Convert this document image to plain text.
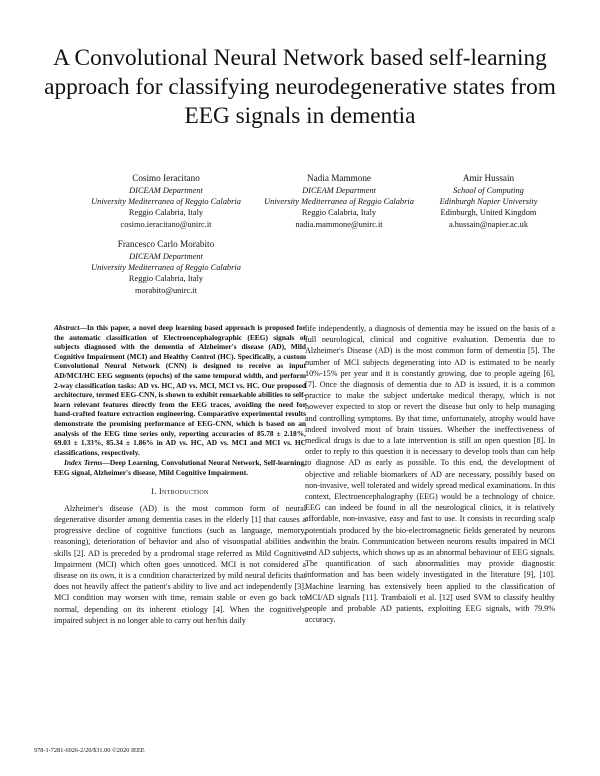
A Convolutional Neural Network based self-learning approach for classifying neurodegenerative states from EEG signals in dementia
Cosimo Ieracitano
DICEAM Department
University Mediterranea of Reggio Calabria
Reggio Calabria, Italy
cosimo.ieracitano@unirc.it
Nadia Mammone
DICEAM Department
University Mediterranea of Reggio Calabria
Reggio Calabria, Italy
nadia.mammone@unirc.it
Amir Hussain
School of Computing
Edinburgh Napier University
Edinburgh, United Kingdom
a.hussain@napier.ac.uk
Francesco Carlo Morabito
DICEAM Department
University Mediterranea of Reggio Calabria
Reggio Calabria, Italy
morabito@unirc.it

Abstract—In this paper, a novel deep learning based approach is proposed for the automatic classification of Electroencephalographic (EEG) signals of subjects diagnosed with the dementia of Alzheimer's disease (AD), Mild Cognitive Impairment (MCI) and Healthy Control (HC). Specifically, a custom Convolutional Neural Network (CNN) is designed to receive as input AD/MCI/HC EEG segments (epochs) of the same temporal width, and perform 2-way classification tasks: AD vs. HC, AD vs. MCI, MCI vs. HC. Our proposed architecture, termed EEG-CNN, is shown to exhibit remarkable abilities to self-learn relevant features directly from the EEG traces, avoiding the need for hand-crafted feature extraction engineering. Comparative experimental results demonstrate the promising performance of EEG-CNN, which is based on an analysis of the EEG time series only, reporting accuracies of 85.78 ± 2.18%, 69.03 ± 1.33%, 85.34 ± 1.86% in AD vs. HC, AD vs. MCI and MCI vs. HC classifications, respectively.

Index Terms—Deep Learning, Convolutional Neural Network, Self-learning, EEG signal, Alzheimer's disease, Mild Cognitive Impairment.

I. Introduction

Alzheimer's disease (AD) is the most common form of neural degenerative disorder among dementia cases in the elderly [1] that causes a progressive decline of cognitive functions (such as language, memory, reasoning), deterioration of behavior and also of visuospatial abilities and skills [2]. AD is preceded by a prodromal stage referred as Mild Cognitive Impairment (MCI) which often goes unnoticed. MCI is not considered a disease on its own, it is a condition characterized by mild neural deficits that does not heavily affect the patient's ability to live and act independently [3]. MCI condition may worsen with time, remain stable or even go back to normal, depending on its inherent etiology [4]. When the cognitively impaired subject is no longer able to carry out her/his daily

life independently, a diagnosis of dementia may be issued on the basis of a full neurological, clinical and cognitive evaluation. Dementia due to Alzheimer's Disease (AD) is the most common form of dementia [5]. The number of MCI subjects degenerating into AD is estimated to be nearly 10%-15% per year and it is constantly growing, due to people ageing [6], [7]. Once the diagnosis of dementia due to AD is issued, it is a common practice to make the subject undertake medical therapy, which is not however expected to stop or revert the disease but only to help managing and controlling symptoms. By that time, unfortunately, atrophy would have indeed involved most of brain tissues. Whether the ineffectiveness of medical drugs is due to a late intervention is still an open question [8]. In order to reply to this question it is necessary to develop tools than can help to diagnose AD as early as possible. To this end, the development of objective and reliable biomarkers of AD are necessary, possibly based on non-invasive, well tolerated and widely spread medical examinations. In this context, Electroencephalography (EEG) would be a technology of choice. EEG can indeed be found in all the neurological clinics, it is relatively affordable, non-invasive, easy and fast to use. It consists in recording scalp potentials produced by the bio-electromagnetic fields generated by neurons within the brain. Communication between neurons results impaired in MCI and AD subjects, which shows up as an abnormal behaviour of EEG signals. The quantification of such abnormalities may provide diagnostic information and has been widely investigated in the literature [9], [10]. Machine learning has extensively been applied to the classification of MCI/AD signals [11]. Trambaioli et al. [12] used SVM to classify healthy people and probable AD patients, exploiting EEG signals, with 79.9% accuracy.

978-1-7281-6926-2/20/$31.00 ©2020 IEEE
